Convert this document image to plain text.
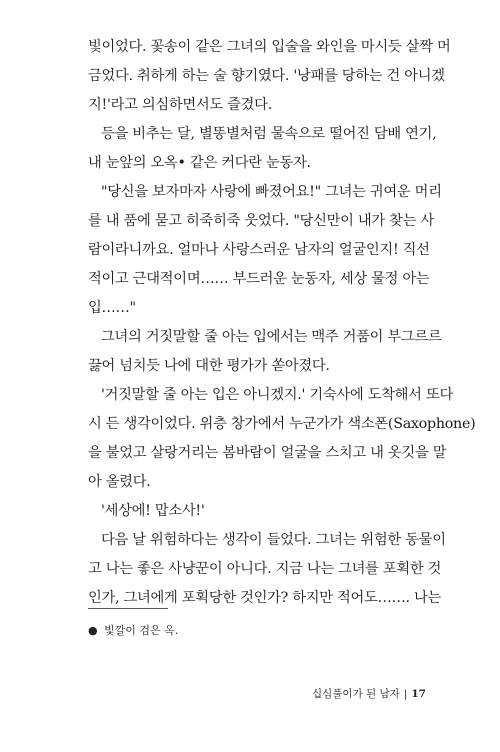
빛이었다. 꽃송이 같은 그녀의 입술을 와인을 마시듯 살짝 머
금었다. 취하게 하는 술 향기였다. '낭패를 당하는 건 아니겠
지!'라고 의심하면서도 즐겼다.
등을 비추는 달, 별똥별처럼 물속으로 떨어진 담배 연기,
내 눈앞의 오옥• 같은 커다란 눈동자.
"당신을 보자마자 사랑에 빠졌어요!" 그녀는 귀여운 머리
를 내 품에 묻고 히죽히죽 웃었다. "당신만이 내가 찾는 사
람이라니까요. 얼마나 사랑스러운 남자의 얼굴인지! 직선
적이고 근대적이며…… 부드러운 눈동자, 세상 물정 아는
입……"
그녀의 거짓말할 줄 아는 입에서는 맥주 거품이 부그르르
끓어 넘치듯 나에 대한 평가가 쏟아졌다.
'거짓말할 줄 아는 입은 아니겠지.' 기숙사에 도착해서 또다
시 든 생각이었다. 위층 창가에서 누군가가 색소폰(Saxophone)
을 불었고 살랑거리는 봄바람이 얼굴을 스치고 내 옷깃을 말
아 올렸다.
'세상에! 맙소사!'
다음 날 위험하다는 생각이 들었다. 그녀는 위험한 동물이
고 나는 좋은 사냥꾼이 아니다. 지금 나는 그녀를 포획한 것
인가, 그녀에게 포획당한 것인가? 하지만 적어도……. 나는
● 빛깔이 검은 옥.
십심풀이가 된 남자 | 17
